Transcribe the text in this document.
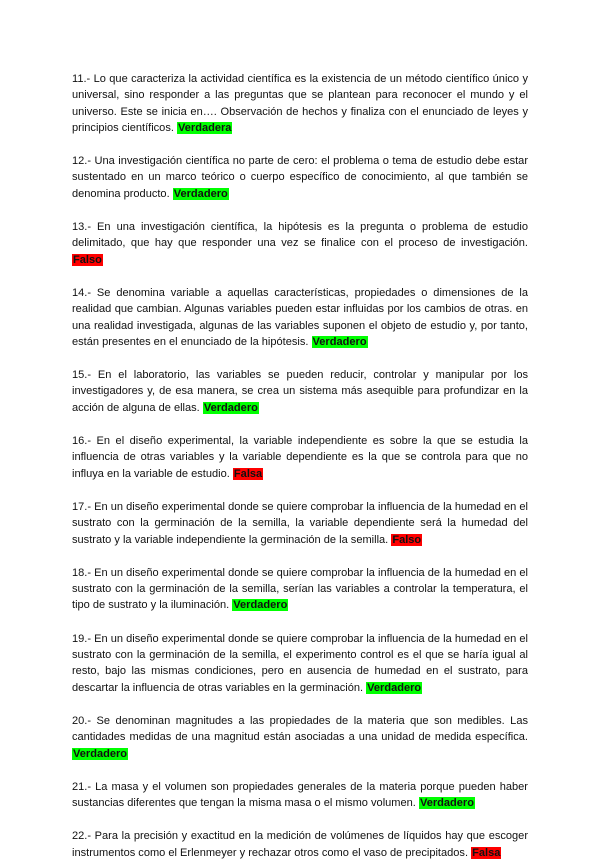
11.- Lo que caracteriza la actividad científica es la existencia de un método científico único y universal, sino responder a las preguntas que se plantean para reconocer el mundo y el universo. Este se inicia en…. Observación de hechos y finaliza con el enunciado de leyes y principios científicos. Verdadera

12.- Una investigación científica no parte de cero: el problema o tema de estudio debe estar sustentado en un marco teórico o cuerpo específico de conocimiento, al que también se denomina producto. Verdadero

13.- En una investigación científica, la hipótesis es la pregunta o problema de estudio delimitado, que hay que responder una vez se finalice con el proceso de investigación. Falso

14.- Se denomina variable a aquellas características, propiedades o dimensiones de la realidad que cambian. Algunas variables pueden estar influidas por los cambios de otras. en una realidad investigada, algunas de las variables suponen el objeto de estudio y, por tanto, están presentes en el enunciado de la hipótesis. Verdadero

15.- En el laboratorio, las variables se pueden reducir, controlar y manipular por los investigadores y, de esa manera, se crea un sistema más asequible para profundizar en la acción de alguna de ellas. Verdadero

16.- En el diseño experimental, la variable independiente es sobre la que se estudia la influencia de otras variables y la variable dependiente es la que se controla para que no influya en la variable de estudio. Falsa

17.- En un diseño experimental donde se quiere comprobar la influencia de la humedad en el sustrato con la germinación de la semilla, la variable dependiente será la humedad del sustrato y la variable independiente la germinación de la semilla. Falso

18.- En un diseño experimental donde se quiere comprobar la influencia de la humedad en el sustrato con la germinación de la semilla, serían las variables a controlar la temperatura, el tipo de sustrato y la iluminación. Verdadero

19.- En un diseño experimental donde se quiere comprobar la influencia de la humedad en el sustrato con la germinación de la semilla, el experimento control es el que se haría igual al resto, bajo las mismas condiciones, pero en ausencia de humedad en el sustrato, para descartar la influencia de otras variables en la germinación. Verdadero

20.- Se denominan magnitudes a las propiedades de la materia que son medibles. Las cantidades medidas de una magnitud están asociadas a una unidad de medida específica. Verdadero

21.- La masa y el volumen son propiedades generales de la materia porque pueden haber sustancias diferentes que tengan la misma masa o el mismo volumen. Verdadero

22.- Para la precisión y exactitud en la medición de volúmenes de líquidos hay que escoger instrumentos como el Erlenmeyer y rechazar otros como el vaso de precipitados. Falsa
